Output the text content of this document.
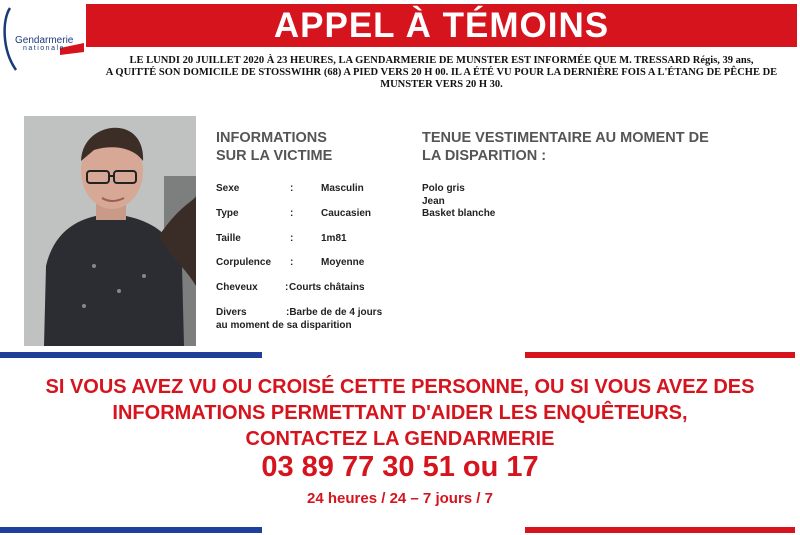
Gendarmerie
nationale
APPEL À TÉMOINS
LE LUNDI 20 JUILLET 2020 À 23 HEURES, LA GENDARMERIE DE MUNSTER EST INFORMÉE QUE M. TRESSARD Régis, 39 ans,
A QUITTÉ SON DOMICILE DE STOSSWIHR (68) A PIED VERS 20 H 00. IL A ÉTÉ VU POUR LA DERNIÈRE FOIS A L'ÉTANG DE PÊCHE DE
MUNSTER VERS 20 H 30.
INFORMATIONS
SUR LA VICTIME
Sexe	:	Masculin
Type	:	Caucasien
Taille	:	1m81
Corpulence :	Moyenne
Cheveux	: Courts châtains
Divers	:Barbe de de 4 jours
au moment de sa disparition
TENUE VESTIMENTAIRE AU MOMENT DE
LA DISPARITION :
Polo gris
Jean
Basket blanche
SI VOUS AVEZ VU OU CROISÉ CETTE PERSONNE, OU SI VOUS AVEZ DES
INFORMATIONS PERMETTANT D'AIDER LES ENQUÊTEURS,
CONTACTEZ LA GENDARMERIE
03 89 77 30 51 ou 17
24 heures / 24 – 7 jours / 7
